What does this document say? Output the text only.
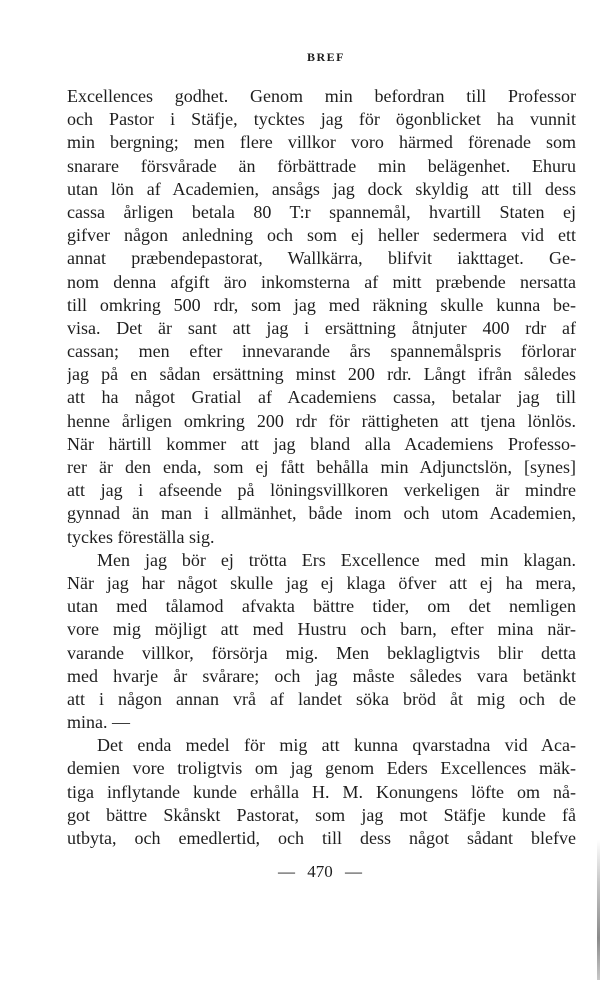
BREF
Excellences godhet. Genom min befordran till Professor
och Pastor i Stäfje, tycktes jag för ögonblicket ha vunnit
min bergning; men flere villkor voro härmed förenade som
snarare försvårade än förbättrade min belägenhet. Ehuru
utan lön af Academien, ansågs jag dock skyldig att till dess
cassa årligen betala 80 T:r spannemål, hvartill Staten ej
gifver någon anledning och som ej heller sedermera vid ett
annat præbendepastorat, Wallkärra, blifvit iakttaget. Ge-
nom denna afgift äro inkomsterna af mitt præbende nersatta
till omkring 500 rdr, som jag med räkning skulle kunna be-
visa. Det är sant att jag i ersättning åtnjuter 400 rdr af
cassan; men efter innevarande års spannemålspris förlorar
jag på en sådan ersättning minst 200 rdr. Långt ifrån således
att ha något Gratial af Academiens cassa, betalar jag till
henne årligen omkring 200 rdr för rättigheten att tjena lönlös.
När härtill kommer att jag bland alla Academiens Professo-
rer är den enda, som ej fått behålla min Adjunctslön, [synes]
att jag i afseende på löningsvillkoren verkeligen är mindre
gynnad än man i allmänhet, både inom och utom Academien,
tyckes föreställa sig.
Men jag bör ej trötta Ers Excellence med min klagan.
När jag har något skulle jag ej klaga öfver att ej ha mera,
utan med tålamod afvakta bättre tider, om det nemligen
vore mig möjligt att med Hustru och barn, efter mina när-
varande villkor, försörja mig. Men beklagligtvis blir detta
med hvarje år svårare; och jag måste således vara betänkt
att i någon annan vrå af landet söka bröd åt mig och de
mina. —
Det enda medel för mig att kunna qvarstadna vid Aca-
demien vore troligtvis om jag genom Eders Excellences mäk-
tiga inflytande kunde erhålla H. M. Konungens löfte om nå-
got bättre Skånskt Pastorat, som jag mot Stäfje kunde få
utbyta, och emedlertid, och till dess något sådant blefve
— 470 —
